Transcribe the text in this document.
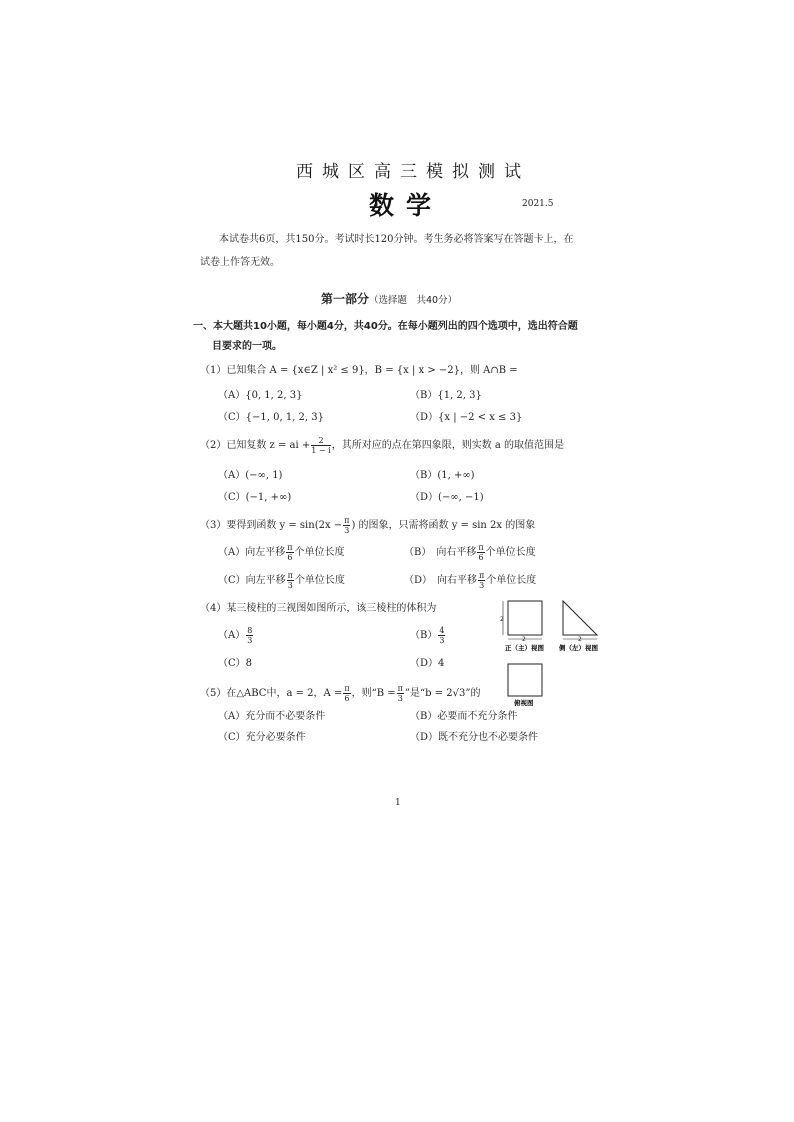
西城区高三模拟测试
数学	2021.5
本试卷共6页，共150分。考试时长120分钟。考生务必将答案写在答题卡上，在
试卷上作答无效。
第一部分（选择题　共40分）
一、本大题共10小题，每小题4分，共40分。在每小题列出的四个选项中，选出符合题
目要求的一项。
（1）已知集合 A = {x∈Z | x² ≤ 9}，B = {x | x > −2}，则 A∩B =
（A）{0, 1, 2, 3}	（B）{1, 2, 3}
（C）{−1, 0, 1, 2, 3}	（D）{x | −2 < x ≤ 3}
（2）已知复数 z = ai + $\frac{2}{1 - i}$ ，其所对应的点在第四象限，则实数 a 的取值范围是
（A）(−∞, 1)	（B）(1, +∞)
（C）(−1, +∞)	（D）(−∞, −1)
（3）要得到函数 $y = \sin(2x - \frac{\pi}{3}$ ) 的图象，只需将函数 y = sin 2x 的图象
（A）向左平移 $\frac{\pi}{6}$ 个单位长度	（B）　向右平移 $\frac{\pi}{6}$ 个单位长度
（C）向左平移 $\frac{\pi}{3}$ 个单位长度	（D）　向右平移 $\frac{\pi}{3}$ 个单位长度
（4）某三棱柱的三视图如图所示，该三棱柱的体积为
$(A) \frac{8}{3}$	$(B) \frac{4}{3}$
（C）8	（D）4
2
2
正（主）视图
2
侧（左）视图
俯视图
（5）在△ABC中，a = 2，$A = \frac{\pi}{6}$ ，则“$B = \frac{\pi}{3}$ ”是“b = 2√3”的
（A）充分而不必要条件	（B）必要而不充分条件
（C）充分必要条件	（D）既不充分也不必要条件
1
